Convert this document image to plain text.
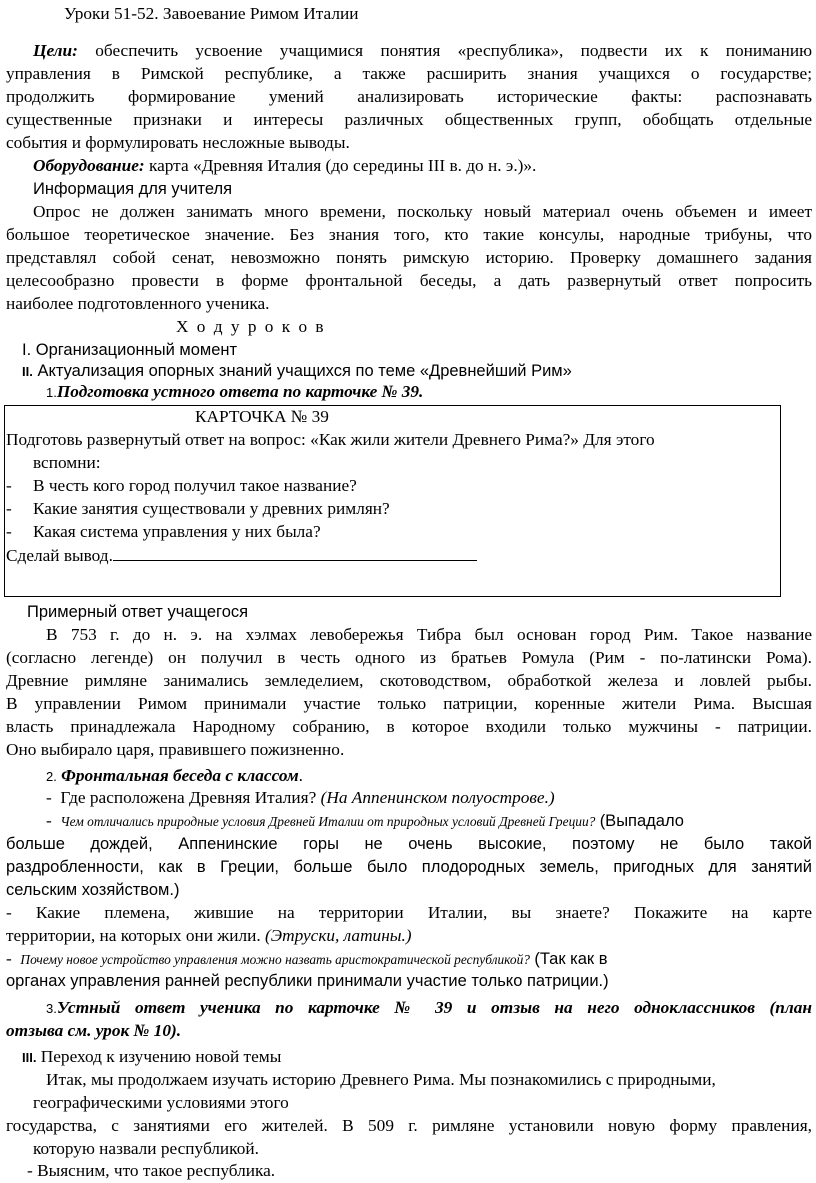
Уроки 51-52. Завоевание Римом Италии
Цели: обеспечить усвоение учащимися понятия «республика», подвести их к пониманию
управления в Римской республике, а также расширить знания учащихся о государстве;
продолжить формирование умений анализировать исторические факты: распознавать
существенные признаки и интересы различных общественных групп, обобщать отдельные
события и формулировать несложные выводы.
Оборудование: карта «Древняя Италия (до середины III в. до н. э.)».
Информация для учителя
Опрос не должен занимать много времени, поскольку новый материал очень объемен и имеет
большое теоретическое значение. Без знания того, кто такие консулы, народные трибуны, что
представлял собой сенат, невозможно понять римскую историю. Проверку домашнего задания
целесообразно провести в форме фронтальной беседы, а дать развернутый ответ попросить
наиболее подготовленного ученика.
Х о д у р о к о в
I. Организационный момент
II. Актуализация опорных знаний учащихся по теме «Древнейший Рим»
1.Подготовка устного ответа по карточке № 39.
КАРТОЧКА № 39
Подготовь развернутый ответ на вопрос: «Как жили жители Древнего Рима?» Для этого
вспомни:
- В честь кого город получил такое название?
- Какие занятия существовали у древних римлян?
- Какая система управления у них была?
Сделай вывод.
Примерный ответ учащегося
В 753 г. до н. э. на хэлмах левобережья Тибра был основан город Рим. Такое название
(согласно легенде) он получил в честь одного из братьев Ромула (Рим - по-латински Рома).
Древние римляне занимались земледелием, скотоводством, обработкой железа и ловлей рыбы.
В управлении Римом принимали участие только патриции, коренные жители Рима. Высшая
власть принадлежала Народному собранию, в которое входили только мужчины - патриции.
Оно выбирало царя, правившего пожизненно.
2. Фронтальная беседа с классом.
- Где расположена Древняя Италия? (На Аппенинском полуострове.)
- Чем отличались природные условия Древней Италии от природных условий Древней Греции? (Выпадало
больше дождей, Аппенинские горы не очень высокие, поэтому не было такой
раздробленности, как в Греции, больше было плодородных земель, пригодных для занятий
сельским хозяйством.)
- Какие племена, жившие на территории Италии, вы знаете? Покажите на карте
территории, на которых они жили. (Этруски, латины.)
- Почему новое устройство управления можно назвать аристократической республикой? (Так как в
органах управления ранней республики принимали участие только патриции.)
3.Устный ответ ученика по карточке № 39 и отзыв на него одноклассников (план
отзыва см. урок № 10).
III. Переход к изучению новой темы
Итак, мы продолжаем изучать историю Древнего Рима. Мы познакомились с природными,
географическими условиями этого
государства, с занятиями его жителей. В 509 г. римляне установили новую форму правления,
которую назвали республикой.
- Выясним, что такое республика.
